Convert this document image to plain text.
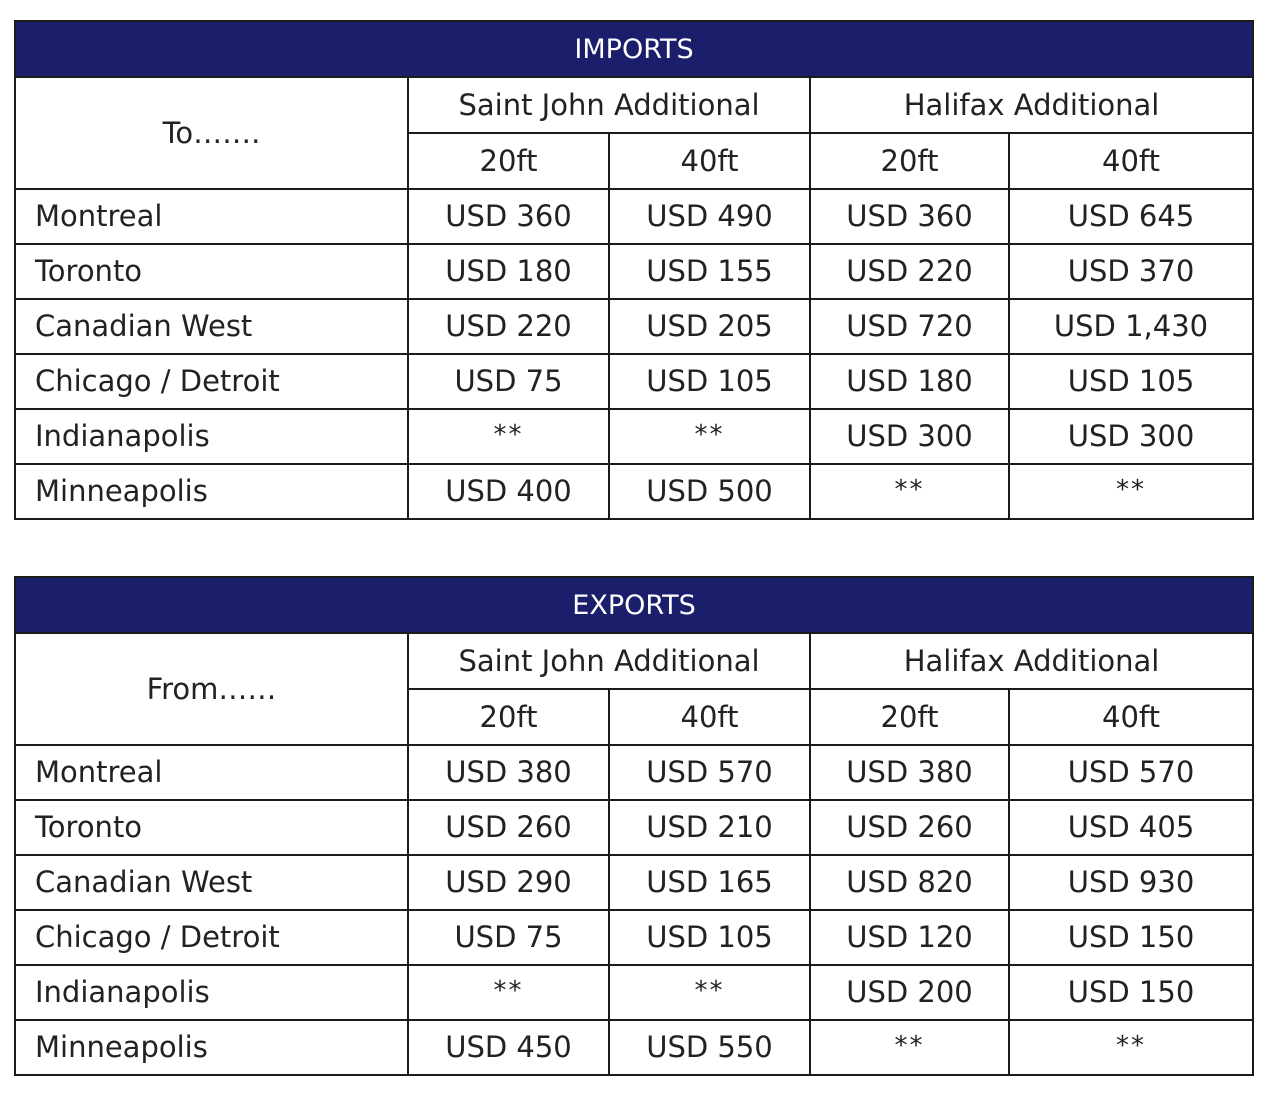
IMPORTS				
To…….	Saint John Additional		Halifax Additional	
	20ft	40ft	20ft	40ft
Montreal	USD 360	USD 490	USD 360	USD 645
Toronto	USD 180	USD 155	USD 220	USD 370
Canadian West	USD 220	USD 205	USD 720	USD 1,430
Chicago / Detroit	USD 75	USD 105	USD 180	USD 105
Indianapolis	**	**	USD 300	USD 300
Minneapolis	USD 400	USD 500	**	**
EXPORTS				
From……	Saint John Additional		Halifax Additional	
	20ft	40ft	20ft	40ft
Montreal	USD 380	USD 570	USD 380	USD 570
Toronto	USD 260	USD 210	USD 260	USD 405
Canadian West	USD 290	USD 165	USD 820	USD 930
Chicago / Detroit	USD 75	USD 105	USD 120	USD 150
Indianapolis	**	**	USD 200	USD 150
Minneapolis	USD 450	USD 550	**	**
